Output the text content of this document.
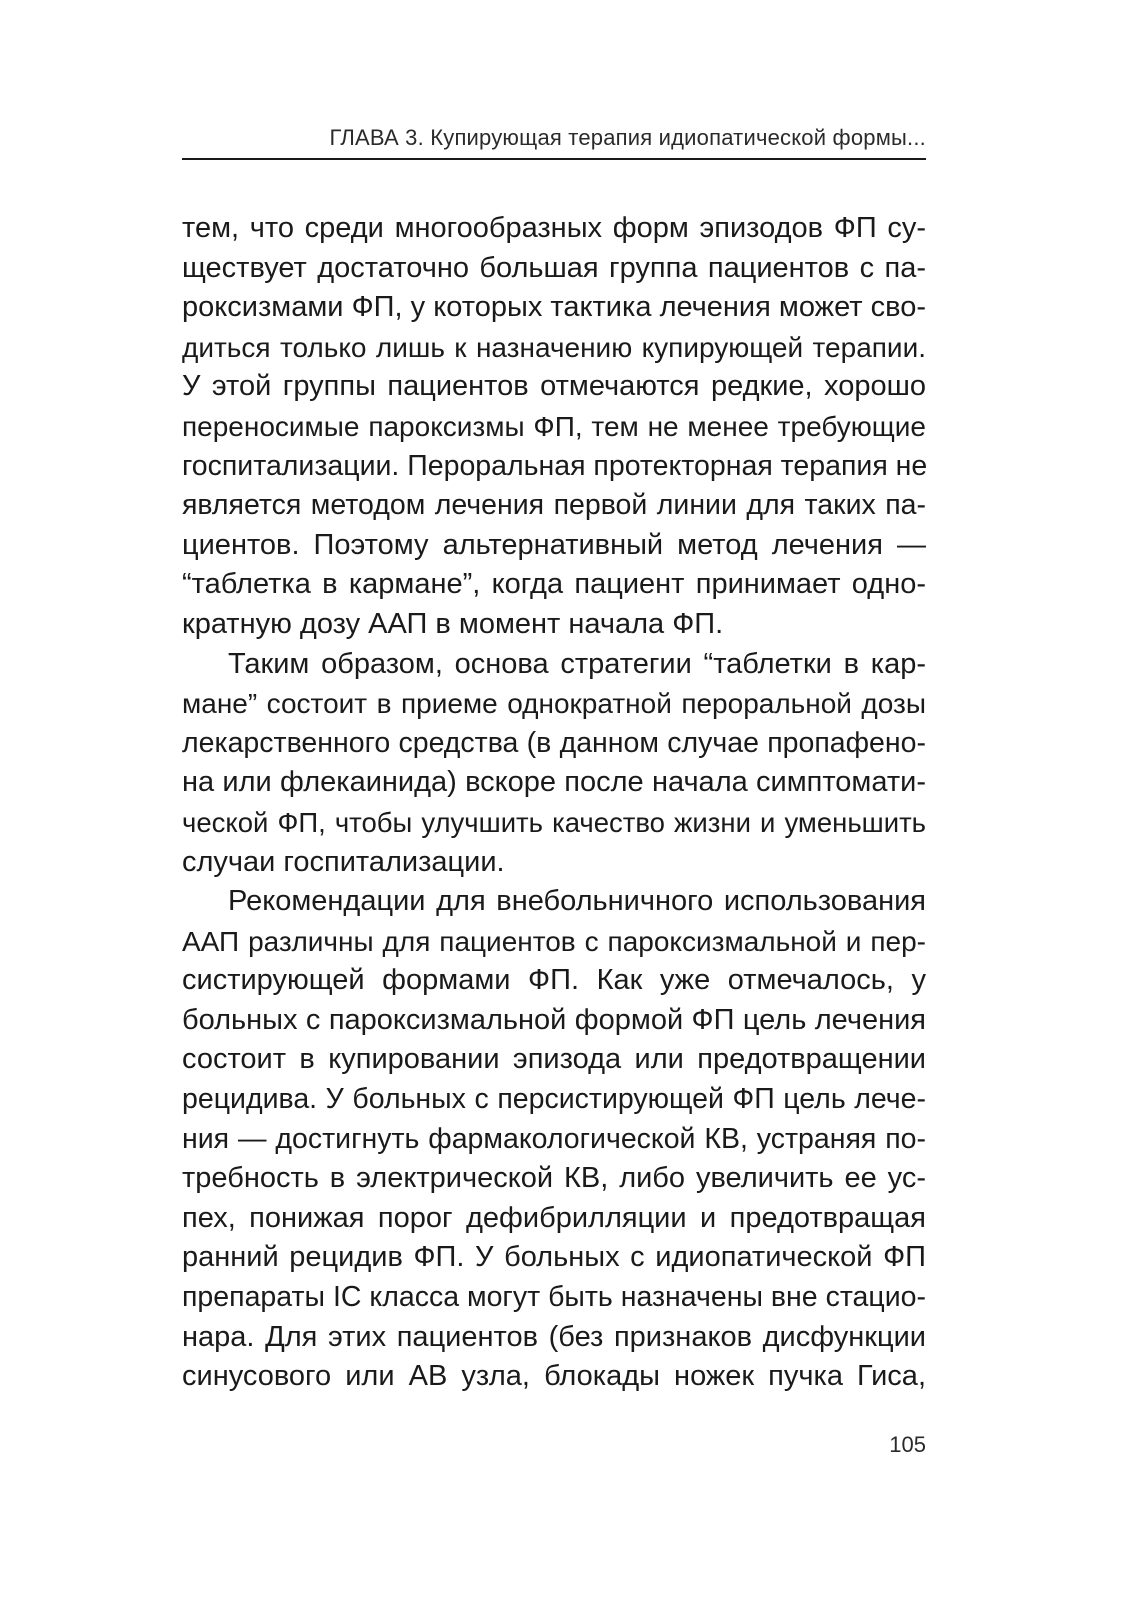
ГЛАВА 3. Купирующая терапия идиопатической формы...
тем, что среди многообразных форм эпизодов ФП су-
ществует достаточно большая группа пациентов с па-
роксизмами ФП, у которых тактика лечения может сво-
диться только лишь к назначению купирующей терапии.
У этой группы пациентов отмечаются редкие, хорошо
переносимые пароксизмы ФП, тем не менее требующие
госпитализации. Пероральная протекторная терапия не
является методом лечения первой линии для таких па-
циентов. Поэтому альтернативный метод лечения —
“таблетка в кармане”, когда пациент принимает одно-
кратную дозу ААП в момент начала ФП.
Таким образом, основа стратегии “таблетки в кар-
мане” состоит в приеме однократной пероральной дозы
лекарственного средства (в данном случае пропафено-
на или флекаинида) вскоре после начала симптомати-
ческой ФП, чтобы улучшить качество жизни и уменьшить
случаи госпитализации.
Рекомендации для внебольничного использования
ААП различны для пациентов с пароксизмальной и пер-
систирующей формами ФП. Как уже отмечалось, у
больных с пароксизмальной формой ФП цель лечения
состоит в купировании эпизода или предотвращении
рецидива. У больных с персистирующей ФП цель лече-
ния — достигнуть фармакологической КВ, устраняя по-
требность в электрической КВ, либо увеличить ее ус-
пех, понижая порог дефибрилляции и предотвращая
ранний рецидив ФП. У больных с идиопатической ФП
препараты IC класса могут быть назначены вне стацио-
нара. Для этих пациентов (без признаков дисфункции
синусового или АВ узла, блокады ножек пучка Гиса,
105
